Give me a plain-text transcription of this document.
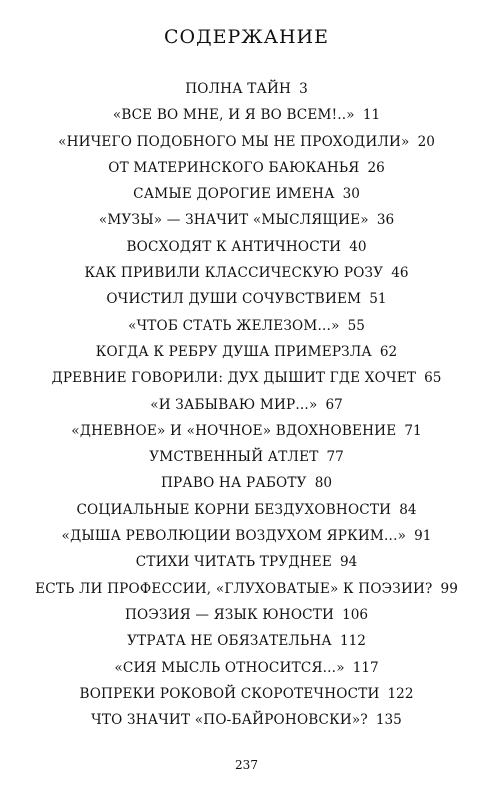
СОДЕРЖАНИЕ
ПОЛНА ТАЙН 3
«ВСЕ ВО МНЕ, И Я ВО ВСЕМ!..» 11
«НИЧЕГО ПОДОБНОГО МЫ НЕ ПРОХОДИЛИ» 20
ОТ МАТЕРИНСКОГО БАЮКАНЬЯ 26
САМЫЕ ДОРОГИЕ ИМЕНА 30
«МУЗЫ» — ЗНАЧИТ «МЫСЛЯЩИЕ» 36
ВОСХОДЯТ К АНТИЧНОСТИ 40
КАК ПРИВИЛИ КЛАССИЧЕСКУЮ РОЗУ 46
ОЧИСТИЛ ДУШИ СОЧУВСТВИЕМ 51
«ЧТОБ СТАТЬ ЖЕЛЕЗОМ...» 55
КОГДА К РЕБРУ ДУША ПРИМЕРЗЛА 62
ДРЕВНИЕ ГОВОРИЛИ: ДУХ ДЫШИТ ГДЕ ХОЧЕТ 65
«И ЗАБЫВАЮ МИР...» 67
«ДНЕВНОЕ» И «НОЧНОЕ» ВДОХНОВЕНИЕ 71
УМСТВЕННЫЙ АТЛЕТ 77
ПРАВО НА РАБОТУ 80
СОЦИАЛЬНЫЕ КОРНИ БЕЗДУХОВНОСТИ 84
«ДЫША РЕВОЛЮЦИИ ВОЗДУХОМ ЯРКИМ...» 91
СТИХИ ЧИТАТЬ ТРУДНЕЕ 94
ЕСТЬ ЛИ ПРОФЕССИИ, «ГЛУХОВАТЫЕ» К ПОЭЗИИ? 99
ПОЭЗИЯ — ЯЗЫК ЮНОСТИ 106
УТРАТА НЕ ОБЯЗАТЕЛЬНА 112
«СИЯ МЫСЛЬ ОТНОСИТСЯ...» 117
ВОПРЕКИ РОКОВОЙ СКОРОТЕЧНОСТИ 122
ЧТО ЗНАЧИТ «ПО-БАЙРОНОВСКИ»? 135
237
